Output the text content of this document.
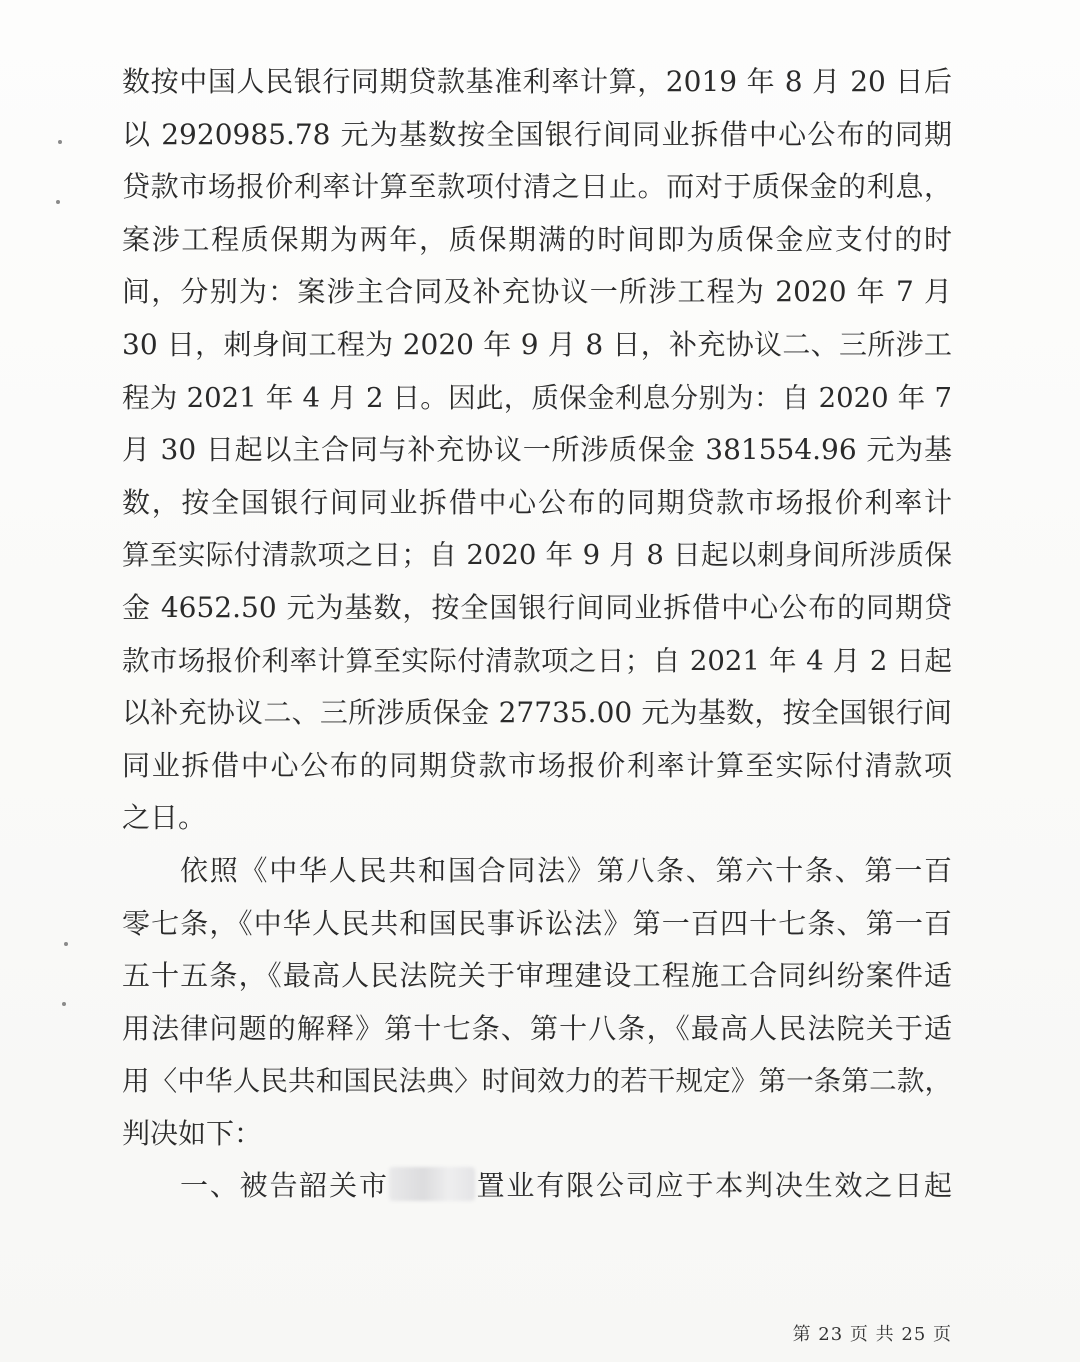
数按中国人民银行同期贷款基准利率计算，2019 年 8 月 20 日后
以 2920985.78 元为基数按全国银行间同业拆借中心公布的同期
贷款市场报价利率计算至款项付清之日止。而对于质保金的利息，
案涉工程质保期为两年，质保期满的时间即为质保金应支付的时
间，分别为：案涉主合同及补充协议一所涉工程为 2020 年 7 月
30 日，刺身间工程为 2020 年 9 月 8 日，补充协议二、三所涉工
程为 2021 年 4 月 2 日。因此，质保金利息分别为：自 2020 年 7
月 30 日起以主合同与补充协议一所涉质保金 381554.96 元为基
数，按全国银行间同业拆借中心公布的同期贷款市场报价利率计
算至实际付清款项之日；自 2020 年 9 月 8 日起以刺身间所涉质保
金 4652.50 元为基数，按全国银行间同业拆借中心公布的同期贷
款市场报价利率计算至实际付清款项之日；自 2021 年 4 月 2 日起
以补充协议二、三所涉质保金 27735.00 元为基数，按全国银行间
同业拆借中心公布的同期贷款市场报价利率计算至实际付清款项
之日。
依照《中华人民共和国合同法》第八条、第六十条、第一百
零七条，《中华人民共和国民事诉讼法》第一百四十七条、第一百
五十五条，《最高人民法院关于审理建设工程施工合同纠纷案件适
用法律问题的解释》第十七条、第十八条，《最高人民法院关于适
用〈中华人民共和国民法典〉时间效力的若干规定》第一条第二款，
判决如下：
一、被告韶关市	置业有限公司应于本判决生效之日起
第 23 页 共 25 页
